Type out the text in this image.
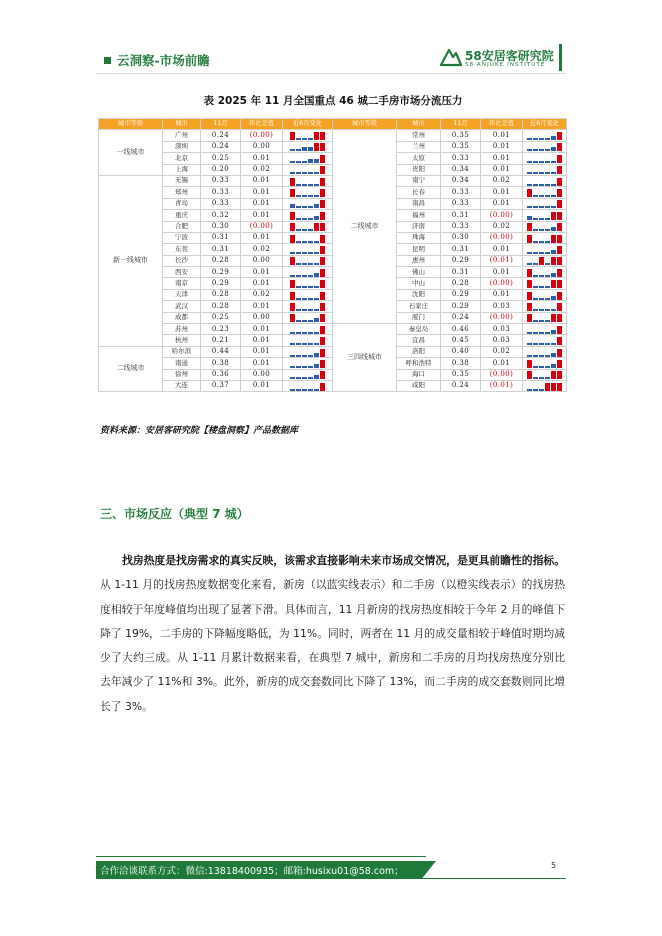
云洞察-市场前瞻	58安居客研究院
58·ANJUKE INSTITUTE
表 2025 年 11 月全国重点 46 城二手房市场分流压力
城市等级	城市	11月	环比差值	近6月变化	城市等级	城市	11月	环比差值	近6月变化
一线城市	广州	0.24	(0.00)		二线城市	常州	0.35	0.01	

	深圳	0.24	0.00			兰州	0.35	0.01	

	北京	0.25	0.01			太原	0.33	0.01	

	上海	0.20	0.02			贵阳	0.34	0.01	

新一线城市	无锡	0.33	0.01			南宁	0.34	0.02	

	郑州	0.33	0.01			长春	0.33	0.01	

	青岛	0.33	0.01			南昌	0.33	0.01	

	重庆	0.32	0.01			福州	0.31	(0.00)	

	合肥	0.30	(0.00)			济南	0.33	0.02	

	宁波	0.31	0.01			珠海	0.30	(0.00)	

	东莞	0.31	0.02			昆明	0.31	0.01	

	长沙	0.28	0.00			惠州	0.29	(0.01)	

	西安	0.29	0.01			佛山	0.31	0.01	

	南京	0.29	0.01			中山	0.28	(0.00)	

	天津	0.28	0.02			沈阳	0.29	0.01	

	武汉	0.28	0.01			石家庄	0.29	0.03	

	成都	0.25	0.00			厦门	0.24	(0.00)	

	苏州	0.23	0.01		三四线城市	秦皇岛	0.46	0.03	

	杭州	0.21	0.01			宜昌	0.45	0.03	

二线城市	哈尔滨	0.44	0.01			洛阳	0.40	0.02	

	南通	0.38	0.01			呼和浩特	0.38	0.01	

	徐州	0.36	0.00			海口	0.35	(0.00)	

	大连	0.37	0.01			咸阳	0.24	(0.01)	
资料来源：安居客研究院【楼盘洞察】产品数据库
三、市场反应（典型 7 城）
找房热度是找房需求的真实反映，该需求直接影响未来市场成交情况，是更具前瞻性的指标。从 1-11 月的找房热度数据变化来看，新房（以蓝实线表示）和二手房（以橙实线表示）的找房热度相较于年度峰值均出现了显著下滑。具体而言，11 月新房的找房热度相较于今年 2 月的峰值下降了 19%，二手房的下降幅度略低，为 11%。同时，两者在 11 月的成交量相较于峰值时期均减少了大约三成。从 1-11 月累计数据来看，在典型 7 城中，新房和二手房的月均找房热度分别比去年减少了 11%和 3%。此外，新房的成交套数同比下降了 13%，而二手房的成交套数则同比增长了 3%。
合作洽谈联系方式：微信:13818400935；邮箱:husixu01@58.com；
5
